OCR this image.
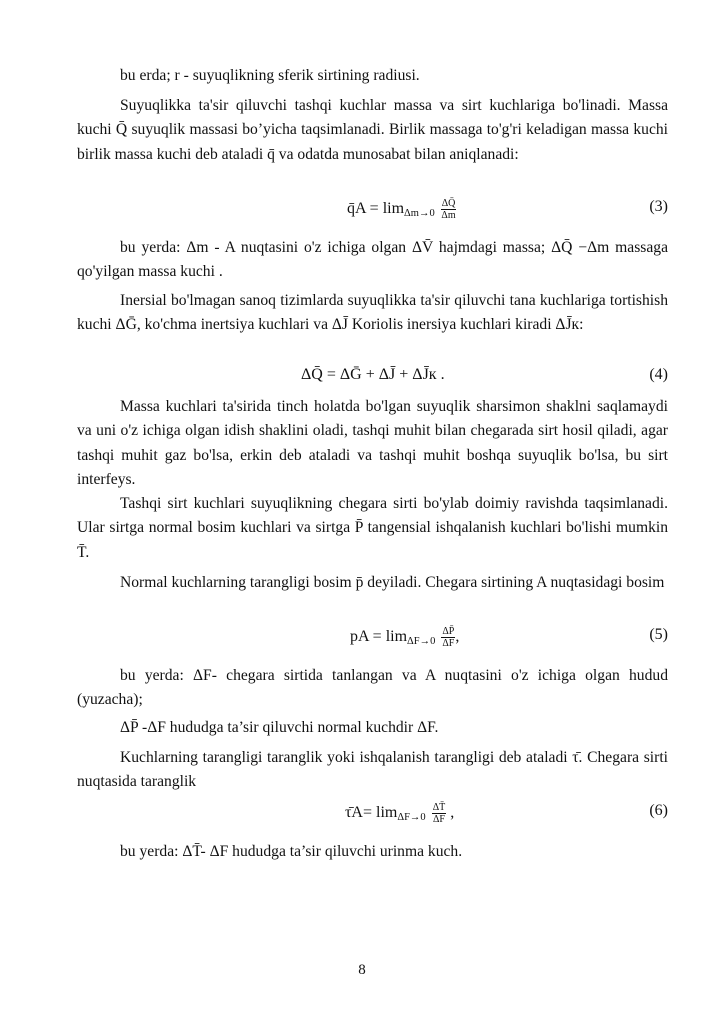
bu erda; r - suyuqlikning sferik sirtining radiusi.

Suyuqlikka ta'sir qiluvchi tashqi kuchlar massa va sirt kuchlariga bo'linadi. Massa kuchi Q̄ suyuqlik massasi bo’yicha taqsimlanadi. Birlik massaga to'g'ri keladigan massa kuchi birlik massa kuchi deb ataladi q̄ va odatda munosabat bilan aniqlanadi:

q̄A = $\lim_{\Delta m\to 0} \frac{\Delta Q̄}{\Delta m}$	(3)

bu yerda: Δm - A nuqtasini o'z ichiga olgan ΔV̄ hajmdagi massa; ΔQ̄ −Δm massaga qo'yilgan massa kuchi .

Inersial bo'lmagan sanoq tizimlarda suyuqlikka ta'sir qiluvchi tana kuchlariga tortishish kuchi ΔḠ, ko'chma inertsiya kuchlari va ΔJ̄ Koriolis inersiya kuchlari kiradi ΔJ̄к:

ΔQ̄ = ΔḠ + ΔJ̄ + ΔJ̄к .	(4)

Massa kuchlari ta'sirida tinch holatda bo'lgan suyuqlik sharsimon shaklni saqlamaydi va uni o'z ichiga olgan idish shaklini oladi, tashqi muhit bilan chegarada sirt hosil qiladi, agar tashqi muhit gaz bo'lsa, erkin deb ataladi va tashqi muhit boshqa suyuqlik bo'lsa, bu sirt interfeys.

Tashqi sirt kuchlari suyuqlikning chegara sirti bo'ylab doimiy ravishda taqsimlanadi. Ular sirtga normal bosim kuchlari va sirtga P̄ tangensial ishqalanish kuchlari bo'lishi mumkin T̄.

Normal kuchlarning tarangligi bosim p̄ deyiladi. Chegara sirtining A nuqtasidagi bosim

pA = $\lim_{\Delta F\to 0} \frac{\Delta P̄}{\Delta F}$ ,	(5)

bu yerda: ΔF- chegara sirtida tanlangan va A nuqtasini o'z ichiga olgan hudud (yuzacha);

ΔP̄ -ΔF hududga ta’sir qiluvchi normal kuchdir ΔF.

Kuchlarning tarangligi taranglik yoki ishqalanish tarangligi deb ataladi τ̄. Chegara sirti nuqtasida taranglik

τ̄A= $\lim_{\Delta F\to 0} \frac{\Delta T̄}{\Delta F}$ ,	(6)

bu yerda: ΔT̄- ΔF hududga ta’sir qiluvchi urinma kuch.

8
